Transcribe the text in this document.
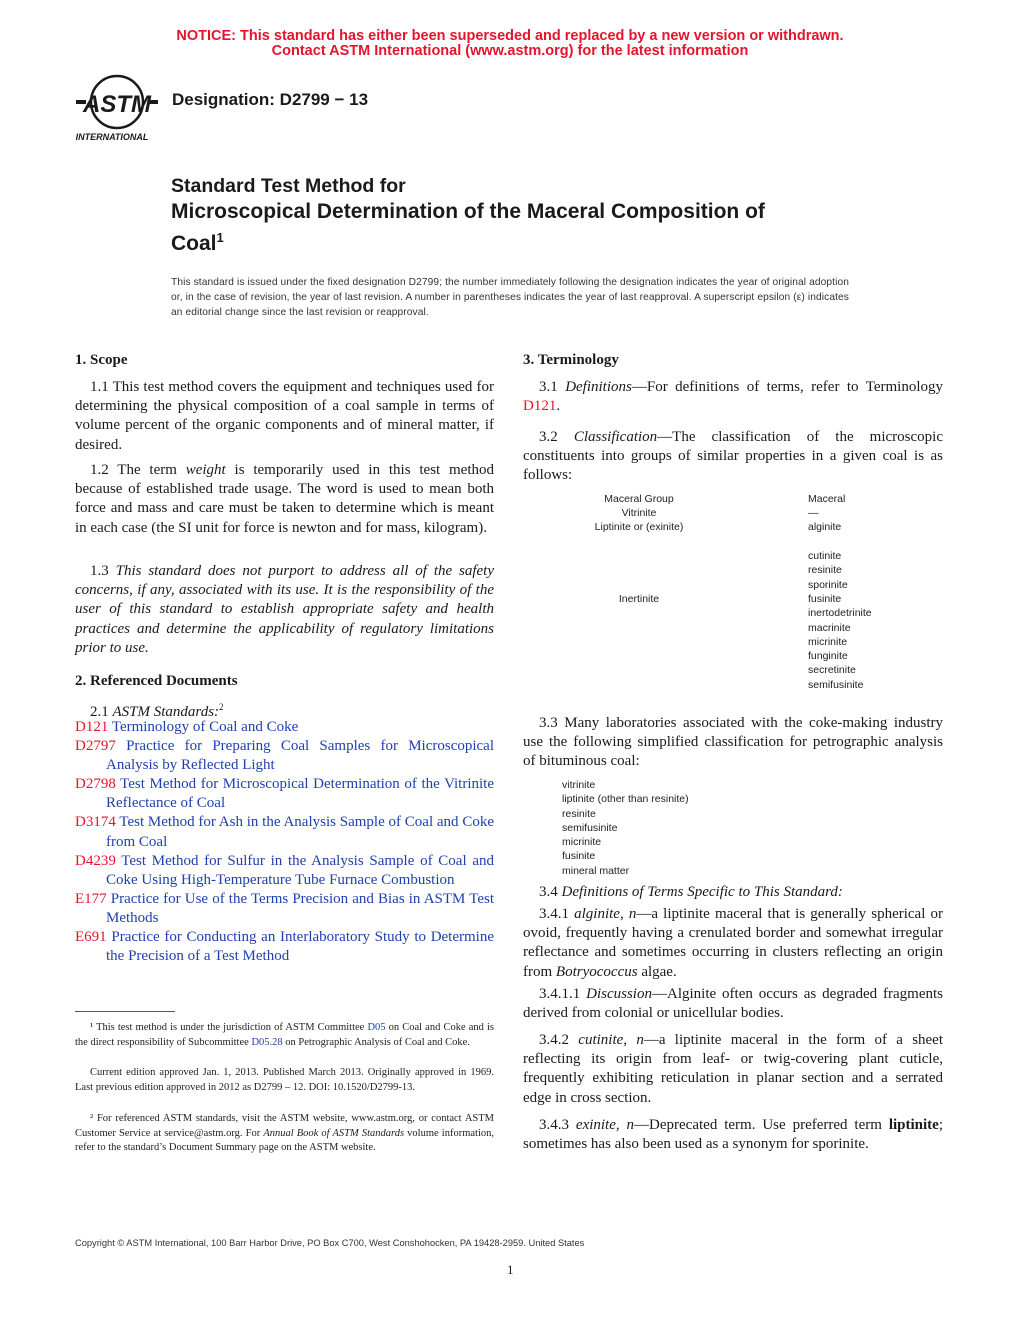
NOTICE: This standard has either been superseded and replaced by a new version or withdrawn.
Contact ASTM International (www.astm.org) for the latest information
ASTM
INTERNATIONAL
Designation: D2799 − 13
Standard Test Method for
Microscopical Determination of the Maceral Composition of
Coal$^1$
This standard is issued under the fixed designation D2799; the number immediately following the designation indicates the year of original adoption or, in the case of revision, the year of last revision. A number in parentheses indicates the year of last reapproval. A superscript epsilon (ε) indicates an editorial change since the last revision or reapproval.
1. Scope
1.1 This test method covers the equipment and techniques used for determining the physical composition of a coal sample in terms of volume percent of the organic components and of mineral matter, if desired.
1.2 The term weight is temporarily used in this test method because of established trade usage. The word is used to mean both force and mass and care must be taken to determine which is meant in each case (the SI unit for force is newton and for mass, kilogram).
1.3 This standard does not purport to address all of the safety concerns, if any, associated with its use. It is the responsibility of the user of this standard to establish appropriate safety and health practices and determine the applicability of regulatory limitations prior to use.
2. Referenced Documents
2.1 ASTM Standards:$^2$

D121 Terminology of Coal and Coke

D2797 Practice for Preparing Coal Samples for Microscopical Analysis by Reflected Light

D2798 Test Method for Microscopical Determination of the Vitrinite Reflectance of Coal

D3174 Test Method for Ash in the Analysis Sample of Coal and Coke from Coal

D4239 Test Method for Sulfur in the Analysis Sample of Coal and Coke Using High-Temperature Tube Furnace Combustion

E177 Practice for Use of the Terms Precision and Bias in ASTM Test Methods

E691 Practice for Conducting an Interlaboratory Study to Determine the Precision of a Test Method

¹ This test method is under the jurisdiction of ASTM Committee D05 on Coal and Coke and is the direct responsibility of Subcommittee D05.28 on Petrographic Analysis of Coal and Coke.
Current edition approved Jan. 1, 2013. Published March 2013. Originally approved in 1969. Last previous edition approved in 2012 as D2799 – 12. DOI: 10.1520/D2799-13.
² For referenced ASTM standards, visit the ASTM website, www.astm.org, or contact ASTM Customer Service at service@astm.org. For Annual Book of ASTM Standards volume information, refer to the standard’s Document Summary page on the ASTM website.
3. Terminology
3.1 Definitions—For definitions of terms, refer to Terminology D121.
3.2 Classification—The classification of the microscopic constituents into groups of similar properties in a given coal is as follows:
Maceral Group	Maceral
Vitrinite	—
Liptinite or (exinite)	alginite
cutinite
resinite
sporinite
Inertinite	fusinite
inertodetrinite
macrinite
micrinite
funginite
secretinite
semifusinite
3.3 Many laboratories associated with the coke-making industry use the following simplified classification for petrographic analysis of bituminous coal:
vitrinite
liptinite (other than resinite)
resinite
semifusinite
micrinite
fusinite
mineral matter
3.4 Definitions of Terms Specific to This Standard:
3.4.1 alginite, n—a liptinite maceral that is generally spherical or ovoid, frequently having a crenulated border and somewhat irregular reflectance and sometimes occurring in clusters reflecting an origin from Botryococcus algae.
3.4.1.1 Discussion—Alginite often occurs as degraded fragments derived from colonial or unicellular bodies.
3.4.2 cutinite, n—a liptinite maceral in the form of a sheet reflecting its origin from leaf- or twig-covering plant cuticle, frequently exhibiting reticulation in planar section and a serrated edge in cross section.
3.4.3 exinite, n—Deprecated term. Use preferred term liptinite; sometimes has also been used as a synonym for sporinite.
Copyright © ASTM International, 100 Barr Harbor Drive, PO Box C700, West Conshohocken, PA 19428-2959. United States
1
